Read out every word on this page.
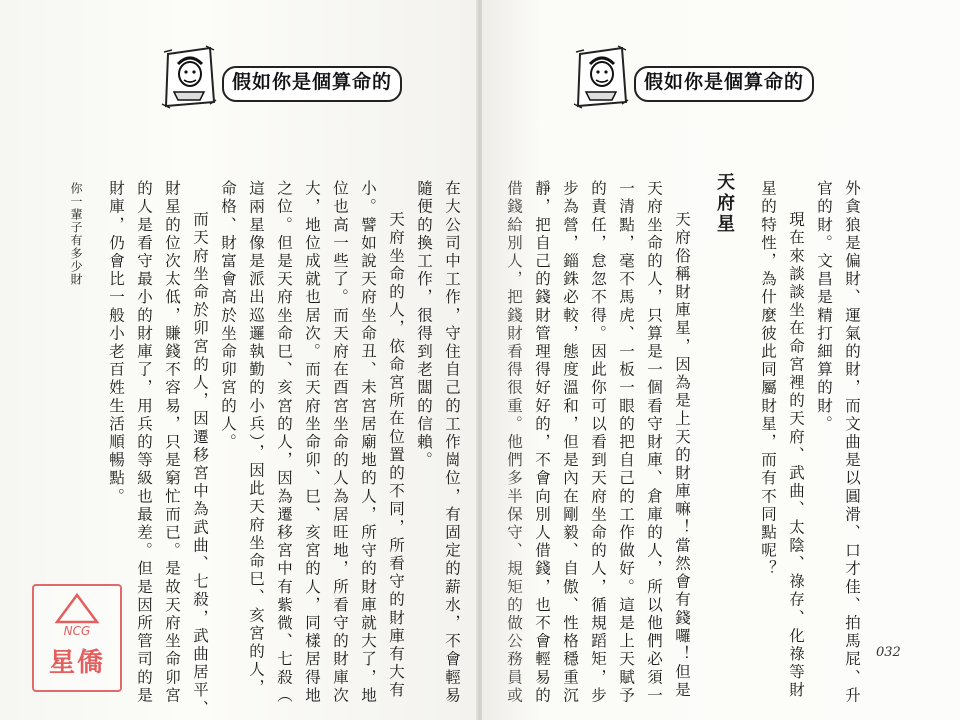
假如你是個算命的	假如你是個算命的
在大公司中工作，守住自己的工作崗位，有固定的薪水，不會輕易
隨便的換工作，很得到老闆的信賴。
天府坐命的人，依命宮所在位置的不同，所看守的財庫有大有
小。譬如說天府坐命丑、未宮居廟地的人，所守的財庫就大了，地
位也高一些了。而天府在酉宮坐命的人為居旺地，所看守的財庫次
大，地位成就也居次。而天府坐命卯、巳、亥宮的人，同樣居得地
之位。但是天府坐命巳、亥宮的人，因為遷移宮中有紫微、七殺（
這兩星像是派出巡邏執勤的小兵），因此天府坐命巳、亥宮的人，
命格、財富會高於坐命卯宮的人。
而天府坐命於卯宮的人，因遷移宮中為武曲、七殺，武曲居平、
財星的位次太低，賺錢不容易，只是窮忙而已。是故天府坐命卯宮
的人是看守最小的財庫了，用兵的等級也最差。但是因所管司的是
財庫，仍會比一般小老百姓生活順暢點。
你一輩子有多少財	外貪狼是偏財、運氣的財，而文曲是以圓滑、口才佳、拍馬屁、升
官的財。文昌是精打細算的財。
現在來談談坐在命宮裡的天府、武曲、太陰、祿存、化祿等財
星的特性，為什麼彼此同屬財星，而有不同點呢？
天府星
天府俗稱財庫星，因為是上天的財庫嘛！當然會有錢囉！但是
天府坐命的人，只算是一個看守財庫、倉庫的人，所以他們必須一
一清點，毫不馬虎、一板一眼的把自己的工作做好。這是上天賦予
的責任，怠忽不得。因此你可以看到天府坐命的人，循規蹈矩，步
步為營，錙銖必較，態度溫和，但是內在剛毅、自傲、性格穩重沉
靜，把自己的錢財管理得好好的，不會向別人借錢，也不會輕易的
借錢給別人，把錢財看得很重。他們多半保守、規矩的做公務員或	032
NCG
星僑
